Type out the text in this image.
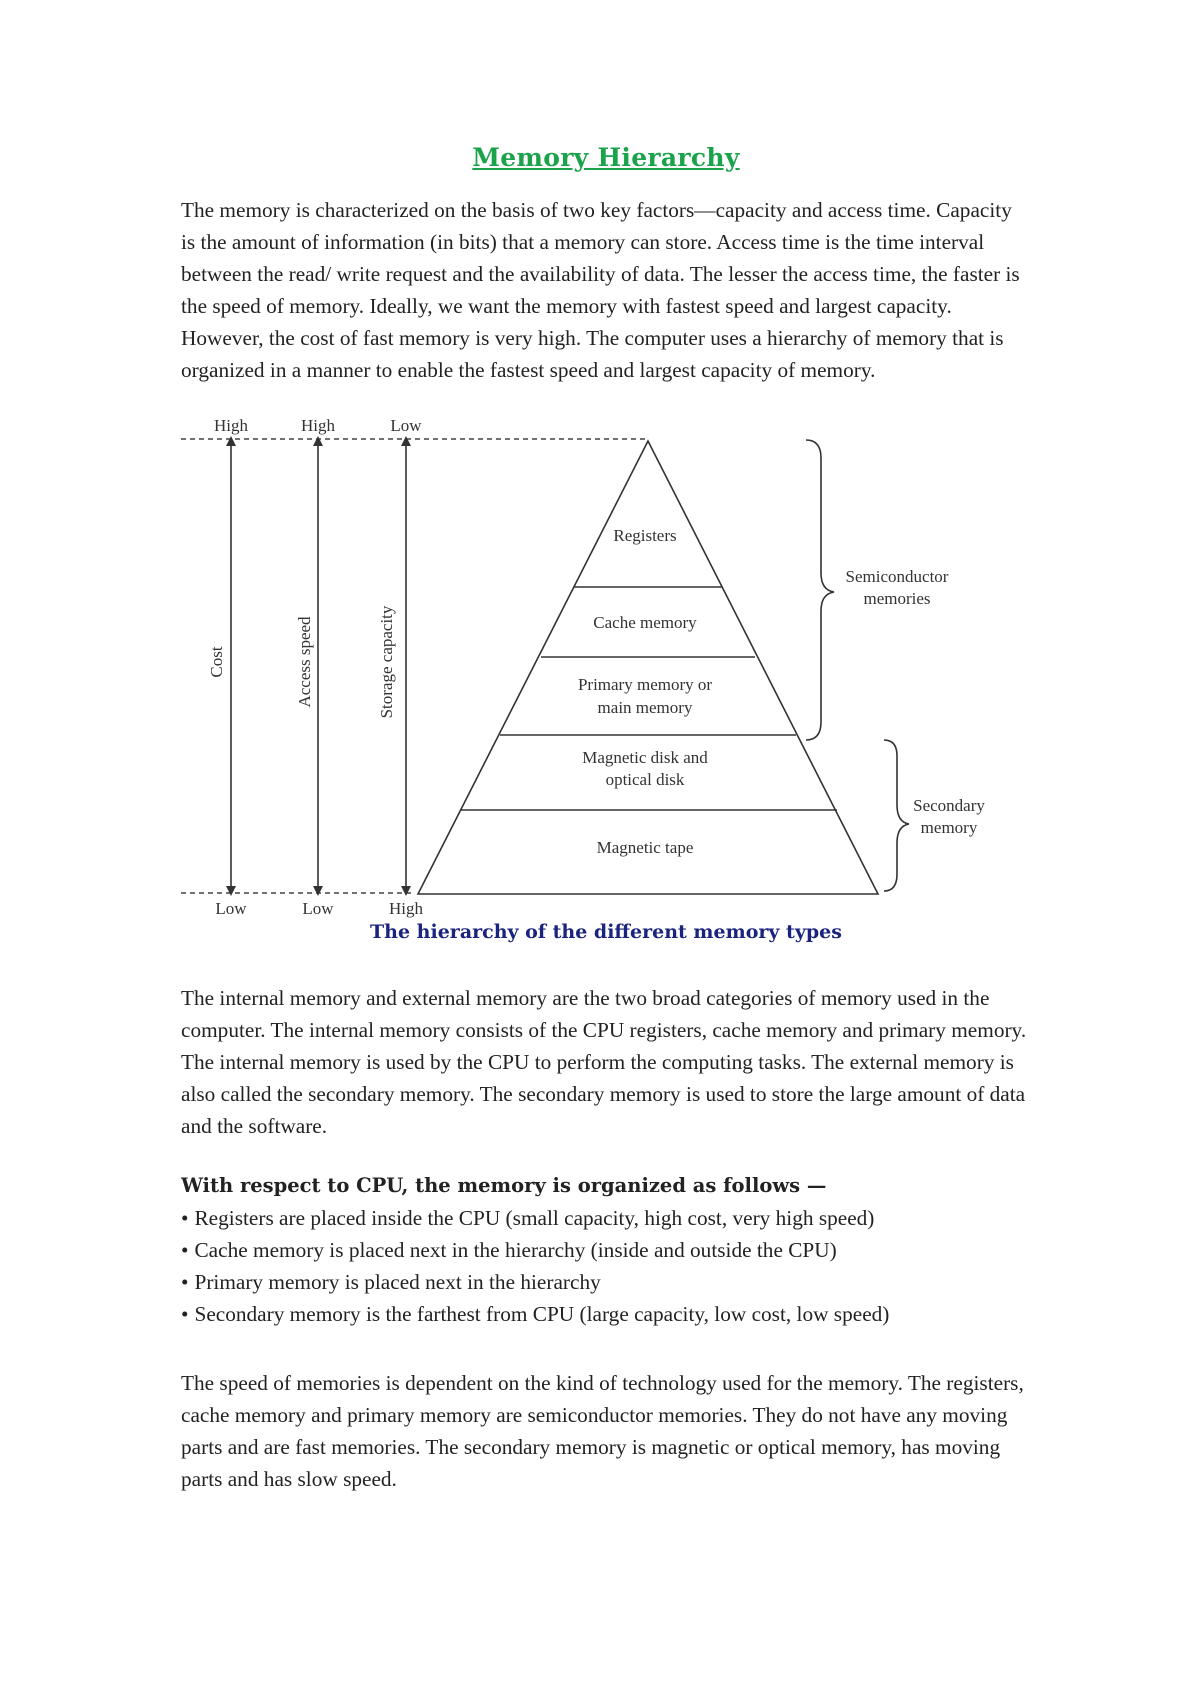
Memory Hierarchy

The memory is characterized on the basis of two key factors—capacity and access time. Capacity is the amount of information (in bits) that a memory can store. Access time is the time interval between the read/ write request and the availability of data. The lesser the access time, the faster is the speed of memory. Ideally, we want the memory with fastest speed and largest capacity. However, the cost of fast memory is very high. The computer uses a hierarchy of memory that is organized in a manner to enable the fastest speed and largest capacity of memory.

The hierarchy of the different memory types

The internal memory and external memory are the two broad categories of memory used in the computer. The internal memory consists of the CPU registers, cache memory and primary memory. The internal memory is used by the CPU to perform the computing tasks. The external memory is also called the secondary memory. The secondary memory is used to store the large amount of data and the software.

With respect to CPU, the memory is organized as follows —
• Registers are placed inside the CPU (small capacity, high cost, very high speed)
• Cache memory is placed next in the hierarchy (inside and outside the CPU)
• Primary memory is placed next in the hierarchy
• Secondary memory is the farthest from CPU (large capacity, low cost, low speed)

The speed of memories is dependent on the kind of technology used for the memory. The registers, cache memory and primary memory are semiconductor memories. They do not have any moving parts and are fast memories. The secondary memory is magnetic or optical memory, has moving parts and has slow speed.

High	High	Low
Low	Low	High
Cost	Access speed	Storage capacity
Registers
Cache memory
Primary memory or
main memory
Magnetic disk and
optical disk
Magnetic tape
Semiconductor
memories
Secondary
memory
